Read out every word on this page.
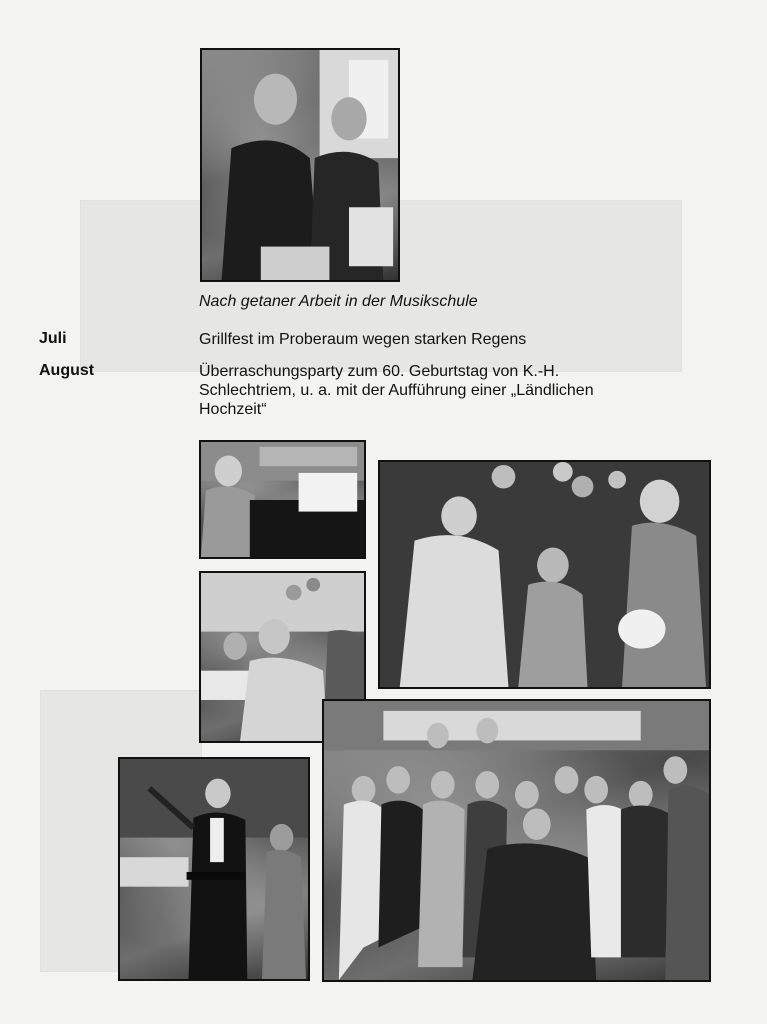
Nach getaner Arbeit in der Musikschule
Juli	Grillfest im Proberaum wegen starken Regens
August	Überraschungsparty zum 60. Geburtstag von K.-H. Schlechtriem, u. a. mit der Aufführung einer „Ländlichen Hochzeit“
